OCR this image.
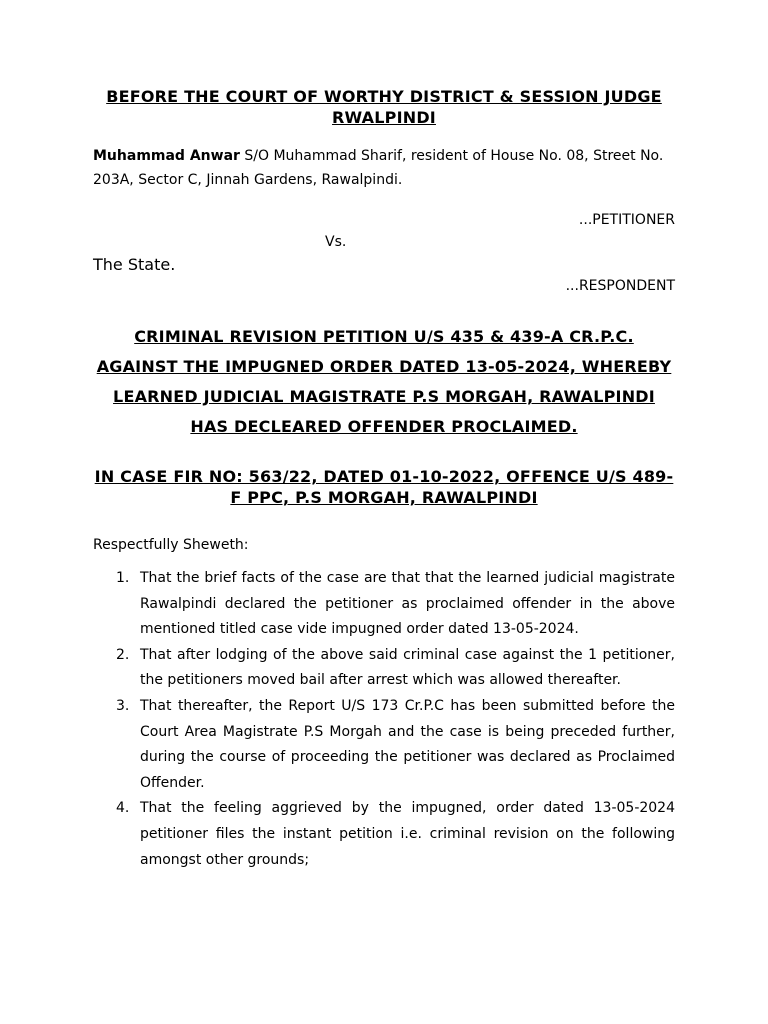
BEFORE THE COURT OF WORTHY DISTRICT & SESSION JUDGE RWALPINDI
Muhammad Anwar S/O Muhammad Sharif, resident of House No. 08, Street No. 203A, Sector C, Jinnah Gardens, Rawalpindi.
...PETITIONER
Vs.
The State.
...RESPONDENT
CRIMINAL REVISION PETITION U/S 435 & 439-A CR.P.C. AGAINST THE IMPUGNED ORDER DATED 13-05-2024, WHEREBY LEARNED JUDICIAL MAGISTRATE P.S MORGAH, RAWALPINDI HAS DECLEARED OFFENDER PROCLAIMED.
IN CASE FIR NO: 563/22, DATED 01-10-2022, OFFENCE U/S 489-F PPC, P.S MORGAH, RAWALPINDI
Respectfully Sheweth:
1. That the brief facts of the case are that that the learned judicial magistrate Rawalpindi declared the petitioner as proclaimed offender in the above mentioned titled case vide impugned order dated 13-05-2024.
2. That after lodging of the above said criminal case against the 1 petitioner, the petitioners moved bail after arrest which was allowed thereafter.
3. That thereafter, the Report U/S 173 Cr.P.C has been submitted before the Court Area Magistrate P.S Morgah and the case is being preceded further, during the course of proceeding the petitioner was declared as Proclaimed Offender.
4. That the feeling aggrieved by the impugned, order dated 13-05-2024 petitioner files the instant petition i.e. criminal revision on the following amongst other grounds;
